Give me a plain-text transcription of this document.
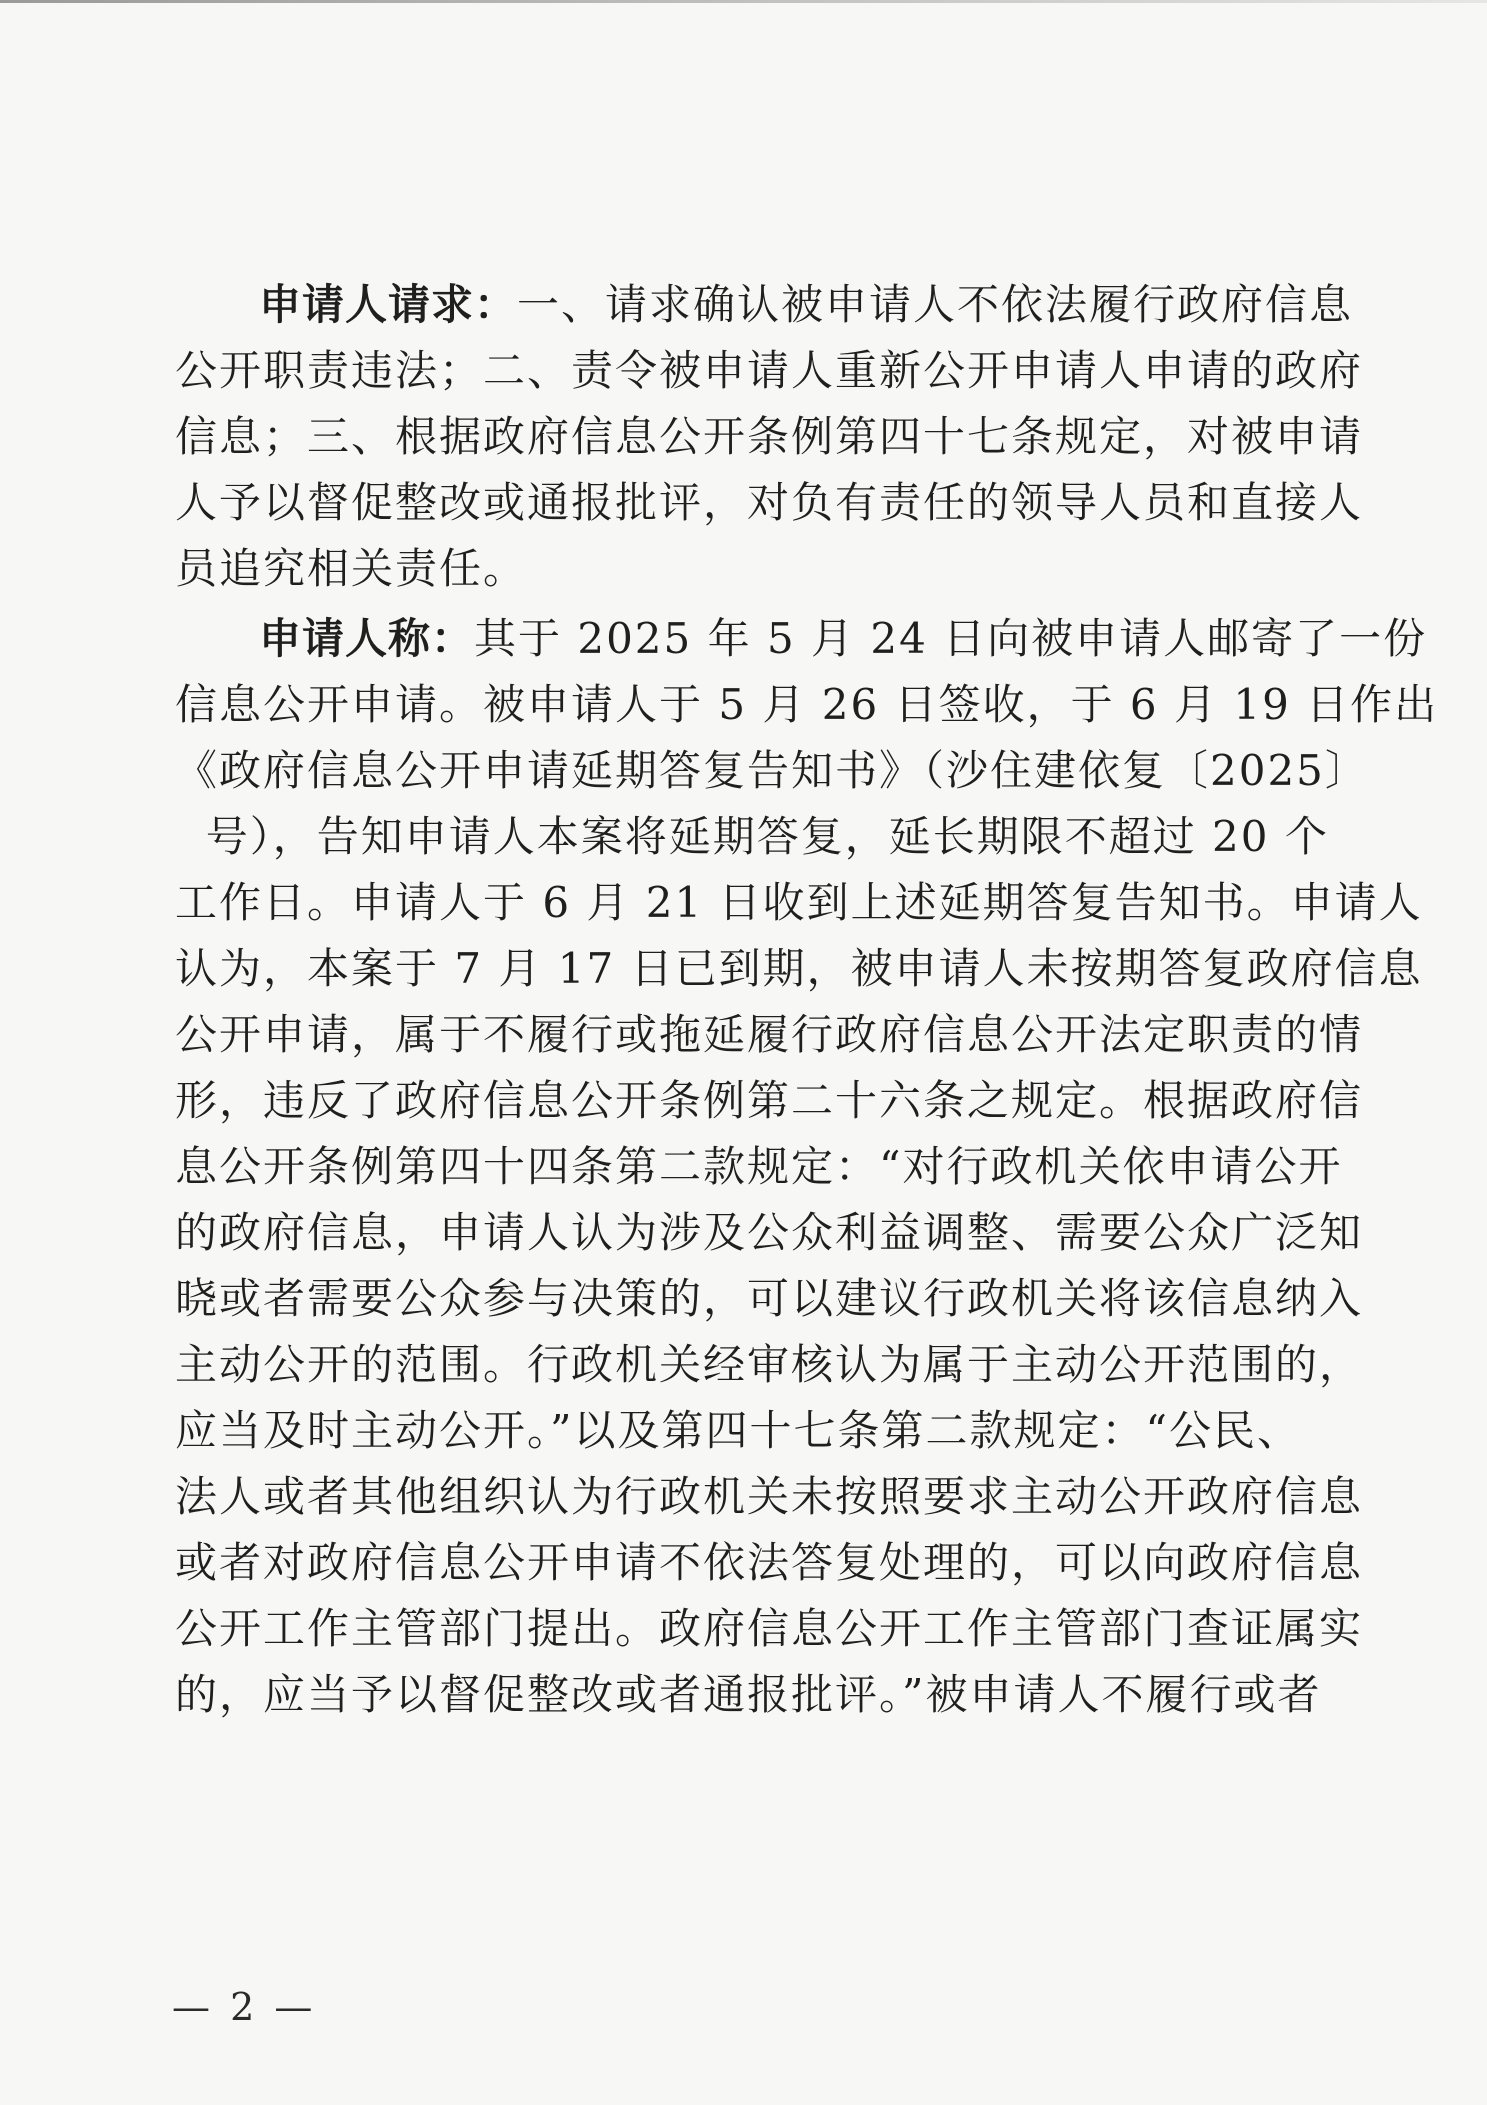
申请人请求：一、请求确认被申请人不依法履行政府信息
公开职责违法；二、责令被申请人重新公开申请人申请的政府
信息；三、根据政府信息公开条例第四十七条规定，对被申请
人予以督促整改或通报批评，对负有责任的领导人员和直接人
员追究相关责任。
申请人称：其于 2025 年 5 月 24 日向被申请人邮寄了一份
信息公开申请。被申请人于 5 月 26 日签收，于 6 月 19 日作出
《政府信息公开申请延期答复告知书》（沙住建依复〔2025〕
号），告知申请人本案将延期答复，延长期限不超过 20 个
工作日。申请人于 6 月 21 日收到上述延期答复告知书。申请人
认为，本案于 7 月 17 日已到期，被申请人未按期答复政府信息
公开申请，属于不履行或拖延履行政府信息公开法定职责的情
形，违反了政府信息公开条例第二十六条之规定。根据政府信
息公开条例第四十四条第二款规定：“对行政机关依申请公开
的政府信息，申请人认为涉及公众利益调整、需要公众广泛知
晓或者需要公众参与决策的，可以建议行政机关将该信息纳入
主动公开的范围。行政机关经审核认为属于主动公开范围的，
应当及时主动公开。”以及第四十七条第二款规定：“公民、
法人或者其他组织认为行政机关未按照要求主动公开政府信息
或者对政府信息公开申请不依法答复处理的，可以向政府信息
公开工作主管部门提出。政府信息公开工作主管部门查证属实
的，应当予以督促整改或者通报批评。”被申请人不履行或者
— 2 —
